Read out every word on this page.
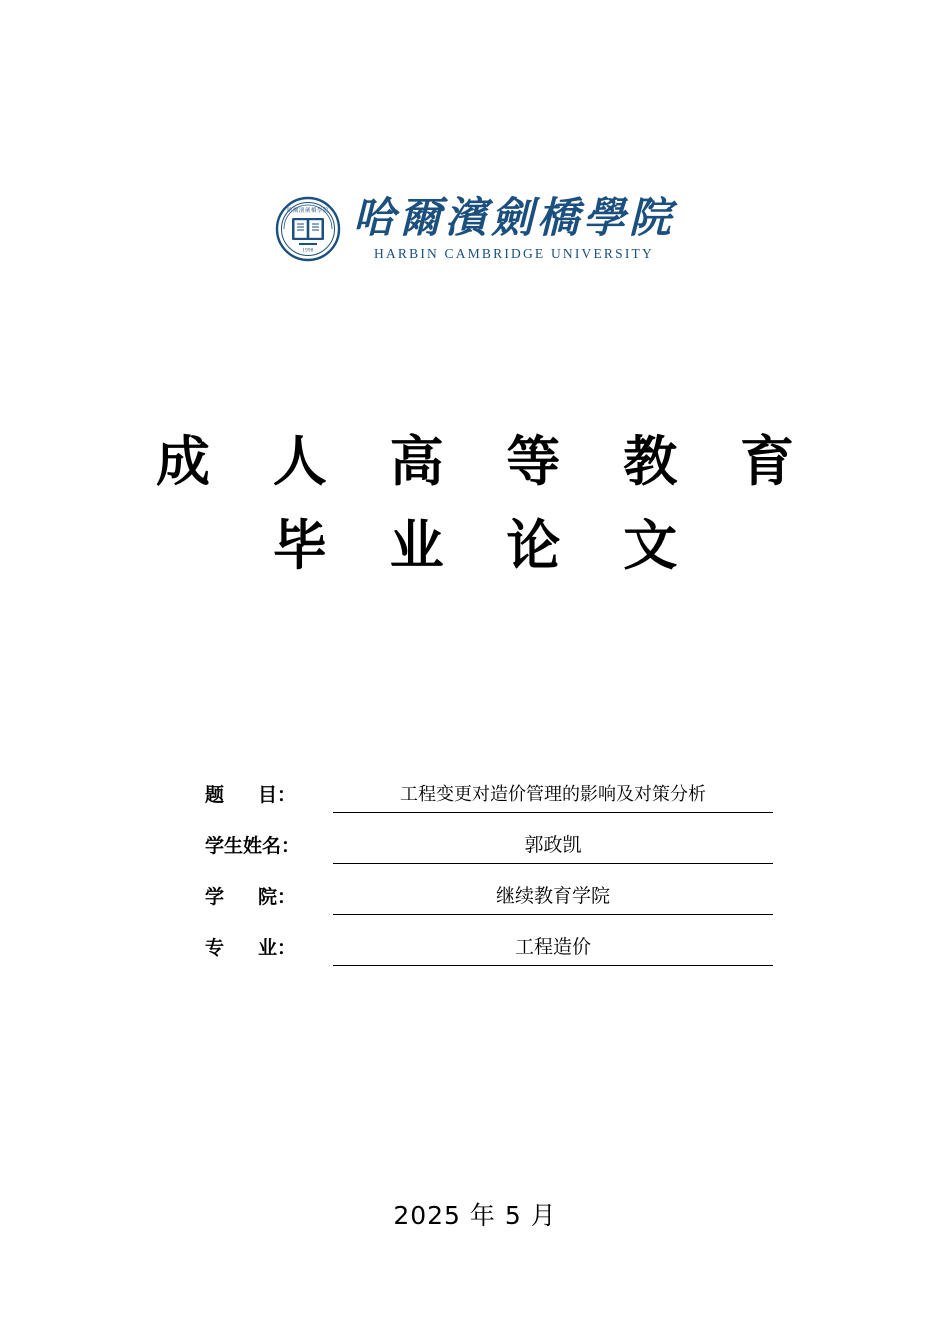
哈爾濱劍橋學院
1998
哈爾濱劍橋學院
HARBIN CAMBRIDGE UNIVERSITY
成 人 高 等 教 育
毕 业 论 文
题 目：	工程变更对造价管理的影响及对策分析
学生姓名：	郭政凯
学 院：	继续教育学院
专 业：	工程造价
2025 年 5 月
